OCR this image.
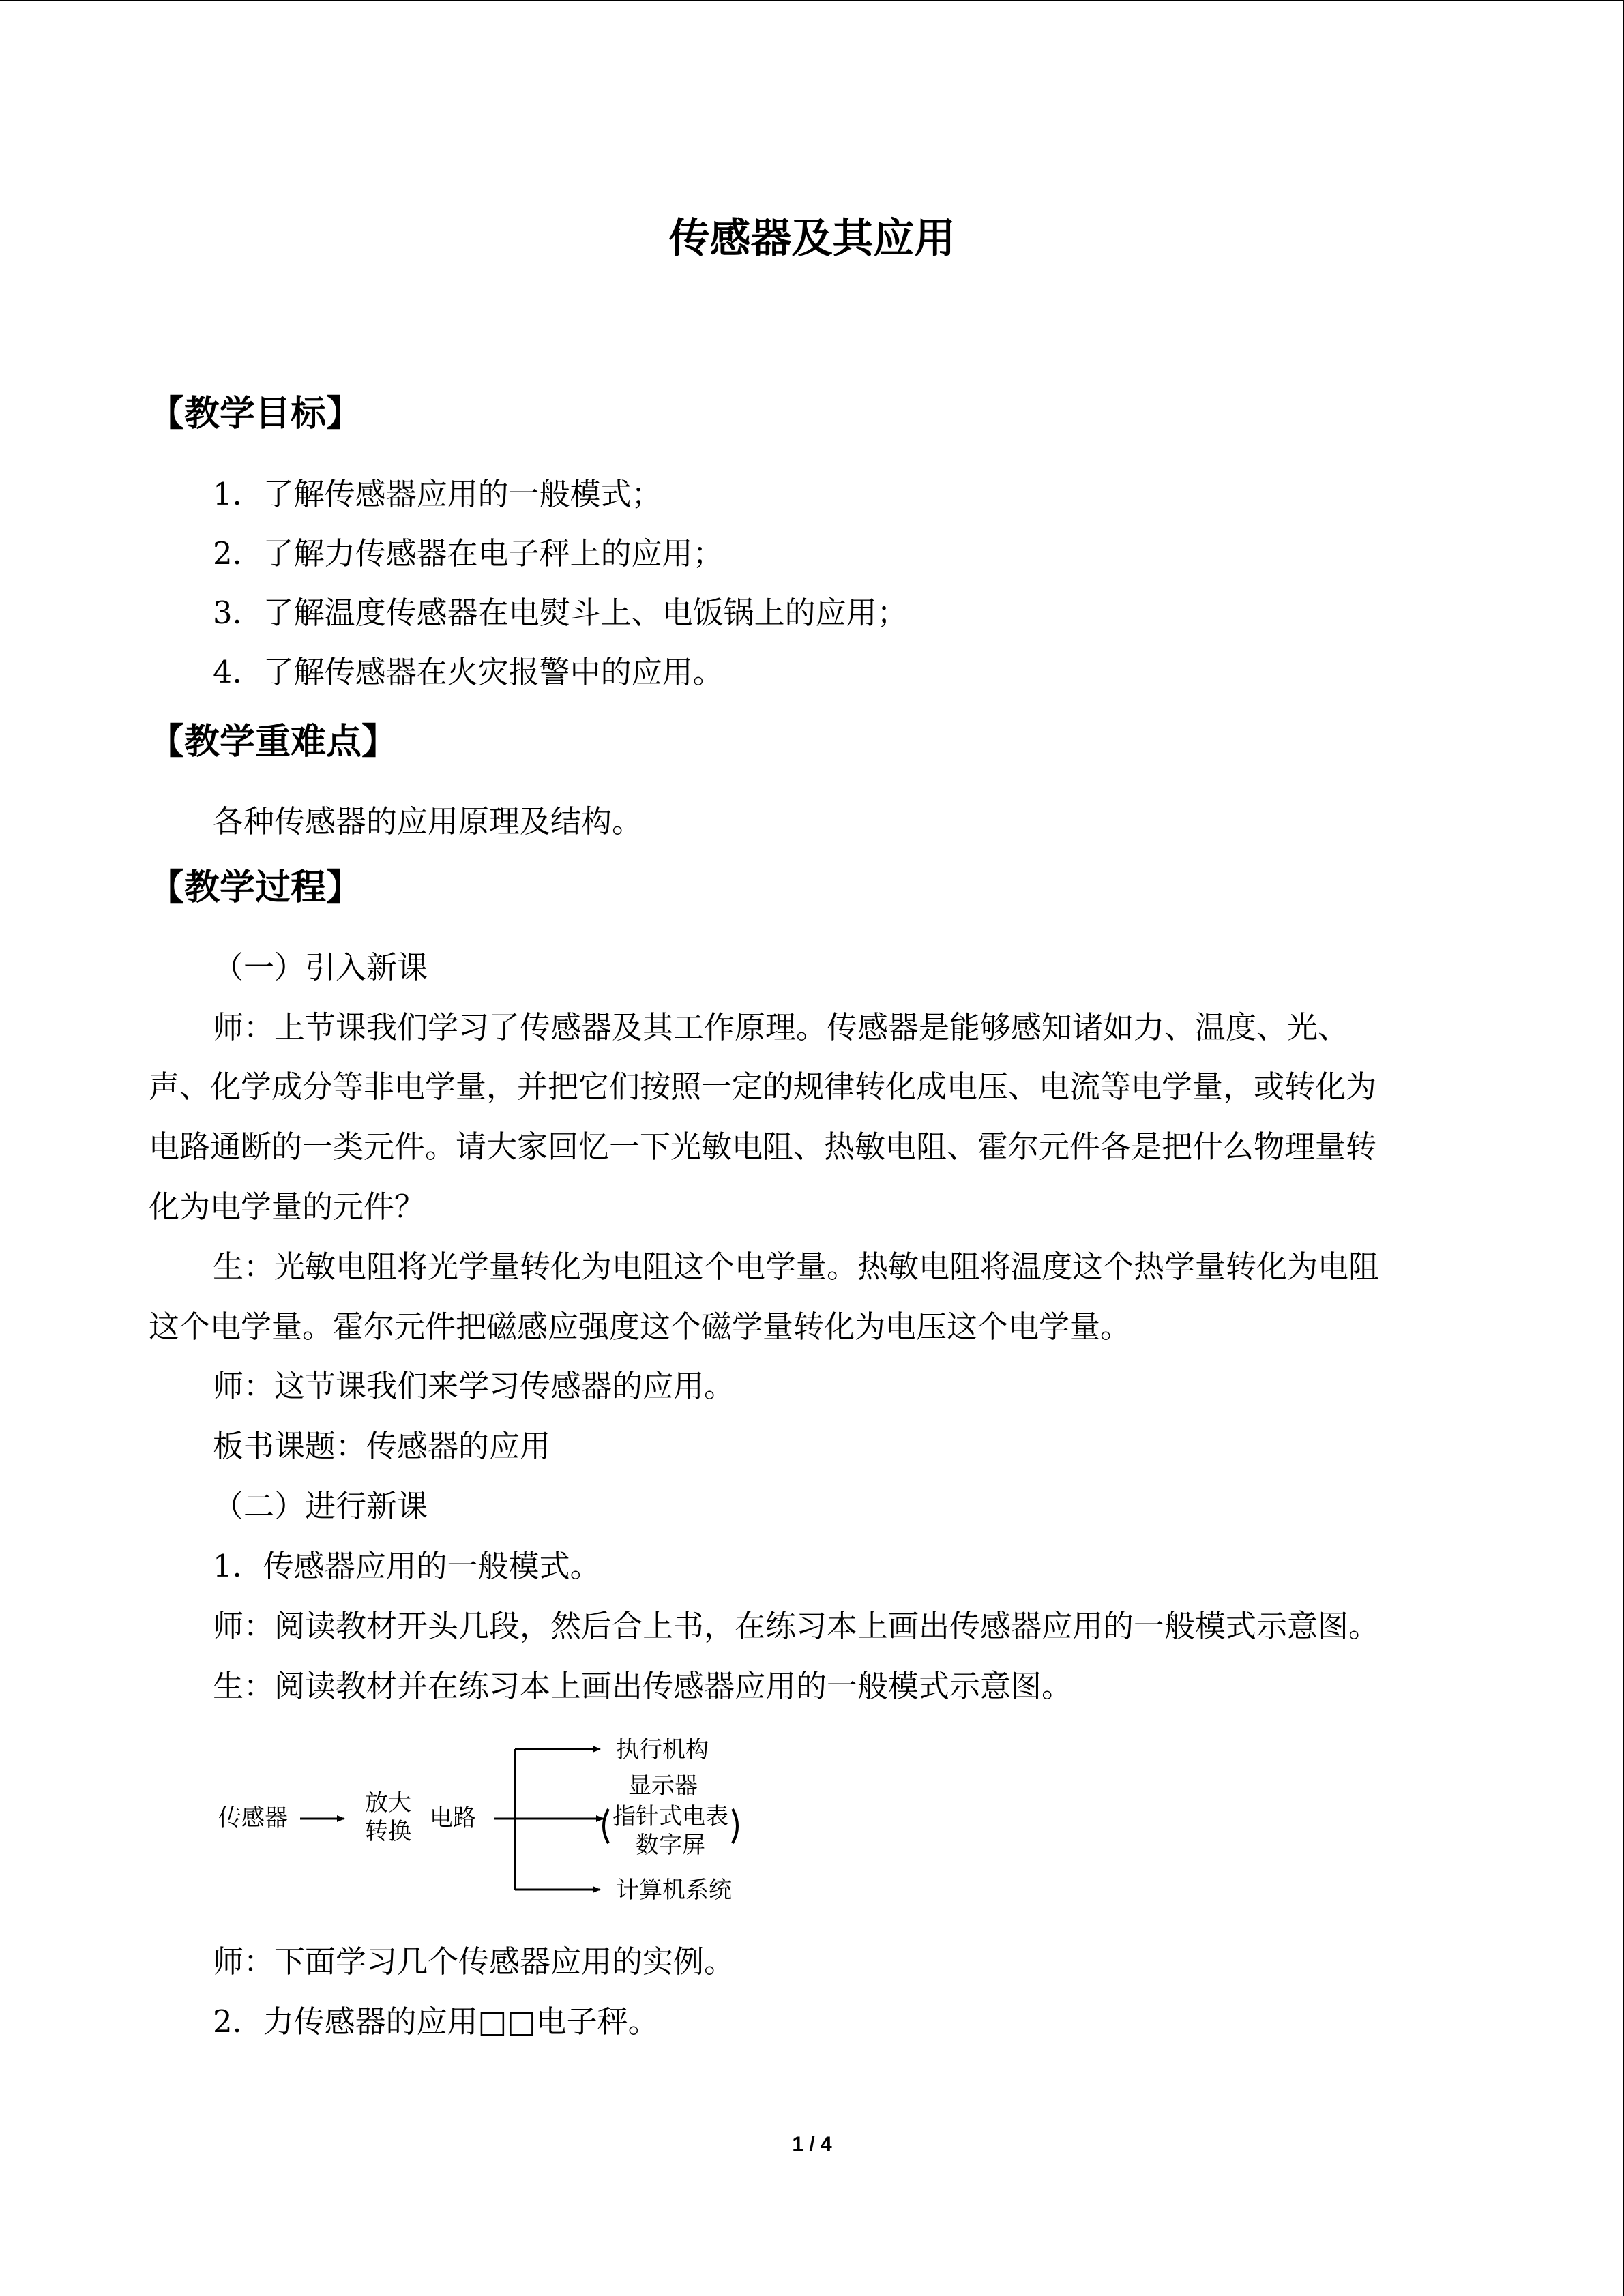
传感器及其应用
【教学目标】
1．了解传感器应用的一般模式；
2．了解力传感器在电子秤上的应用；
3．了解温度传感器在电熨斗上、电饭锅上的应用；
4．了解传感器在火灾报警中的应用。
【教学重难点】
各种传感器的应用原理及结构。
【教学过程】
（一）引入新课
师：上节课我们学习了传感器及其工作原理。传感器是能够感知诸如力、温度、光、
声、化学成分等非电学量，并把它们按照一定的规律转化成电压、电流等电学量，或转化为
电路通断的一类元件。请大家回忆一下光敏电阻、热敏电阻、霍尔元件各是把什么物理量转
化为电学量的元件？
生：光敏电阻将光学量转化为电阻这个电学量。热敏电阻将温度这个热学量转化为电阻
这个电学量。霍尔元件把磁感应强度这个磁学量转化为电压这个电学量。
师：这节课我们来学习传感器的应用。
板书课题：传感器的应用
（二）进行新课
1．传感器应用的一般模式。
师：阅读教材开头几段，然后合上书，在练习本上画出传感器应用的一般模式示意图。
生：阅读教材并在练习本上画出传感器应用的一般模式示意图。
传感器
放大
转换 电路
执行机构
显示器
指针式电表
数字屏
计算机系统
师：下面学习几个传感器应用的实例。
2．力传感器的应用□□电子秤。
1 / 4
